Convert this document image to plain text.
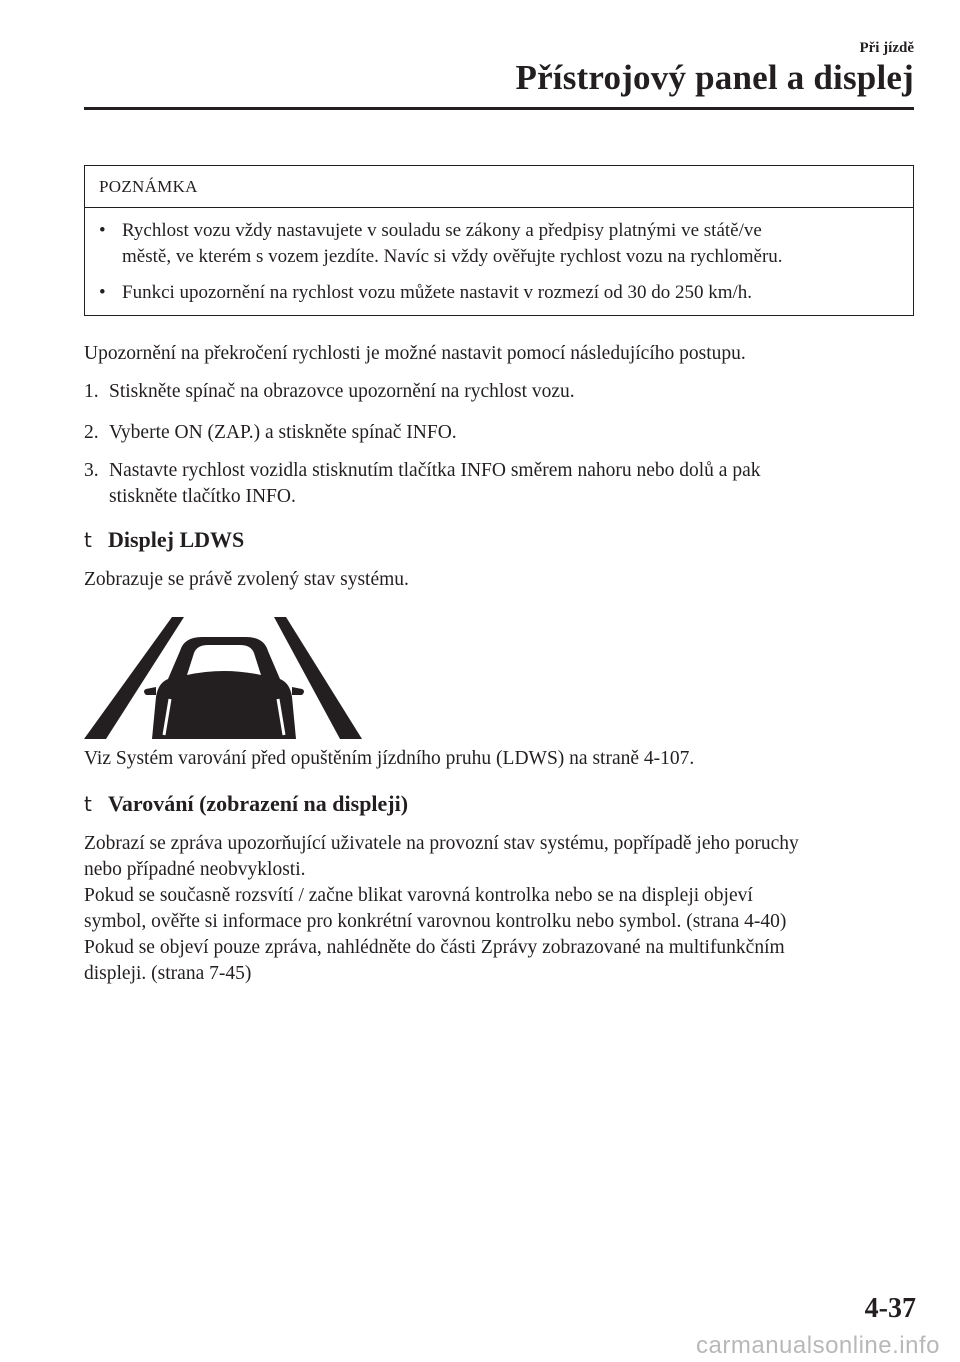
Při jízdě
Přístrojový panel a displej
POZNÁMKA
• Rychlost vozu vždy nastavujete v souladu se zákony a předpisy platnými ve státě/ve
městě, ve kterém s vozem jezdíte. Navíc si vždy ověřujte rychlost vozu na rychloměru.
• Funkci upozornění na rychlost vozu můžete nastavit v rozmezí od 30 do 250 km/h.
Upozornění na překročení rychlosti je možné nastavit pomocí následujícího postupu.
1. Stiskněte spínač na obrazovce upozornění na rychlost vozu.
2. Vyberte ON (ZAP.) a stiskněte spínač INFO.
3. Nastavte rychlost vozidla stisknutím tlačítka INFO směrem nahoru nebo dolů a pak
stiskněte tlačítko INFO.
t Displej LDWS
Zobrazuje se právě zvolený stav systému.
Viz Systém varování před opuštěním jízdního pruhu (LDWS) na straně 4-107.
t Varování (zobrazení na displeji)
Zobrazí se zpráva upozorňující uživatele na provozní stav systému, popřípadě jeho poruchy
nebo případné neobvyklosti.
Pokud se současně rozsvítí / začne blikat varovná kontrolka nebo se na displeji objeví
symbol, ověřte si informace pro konkrétní varovnou kontrolku nebo symbol. (strana 4-40)
Pokud se objeví pouze zpráva, nahlédněte do části Zprávy zobrazované na multifunkčním
displeji. (strana 7-45)
4-37
carmanualsonline.info
